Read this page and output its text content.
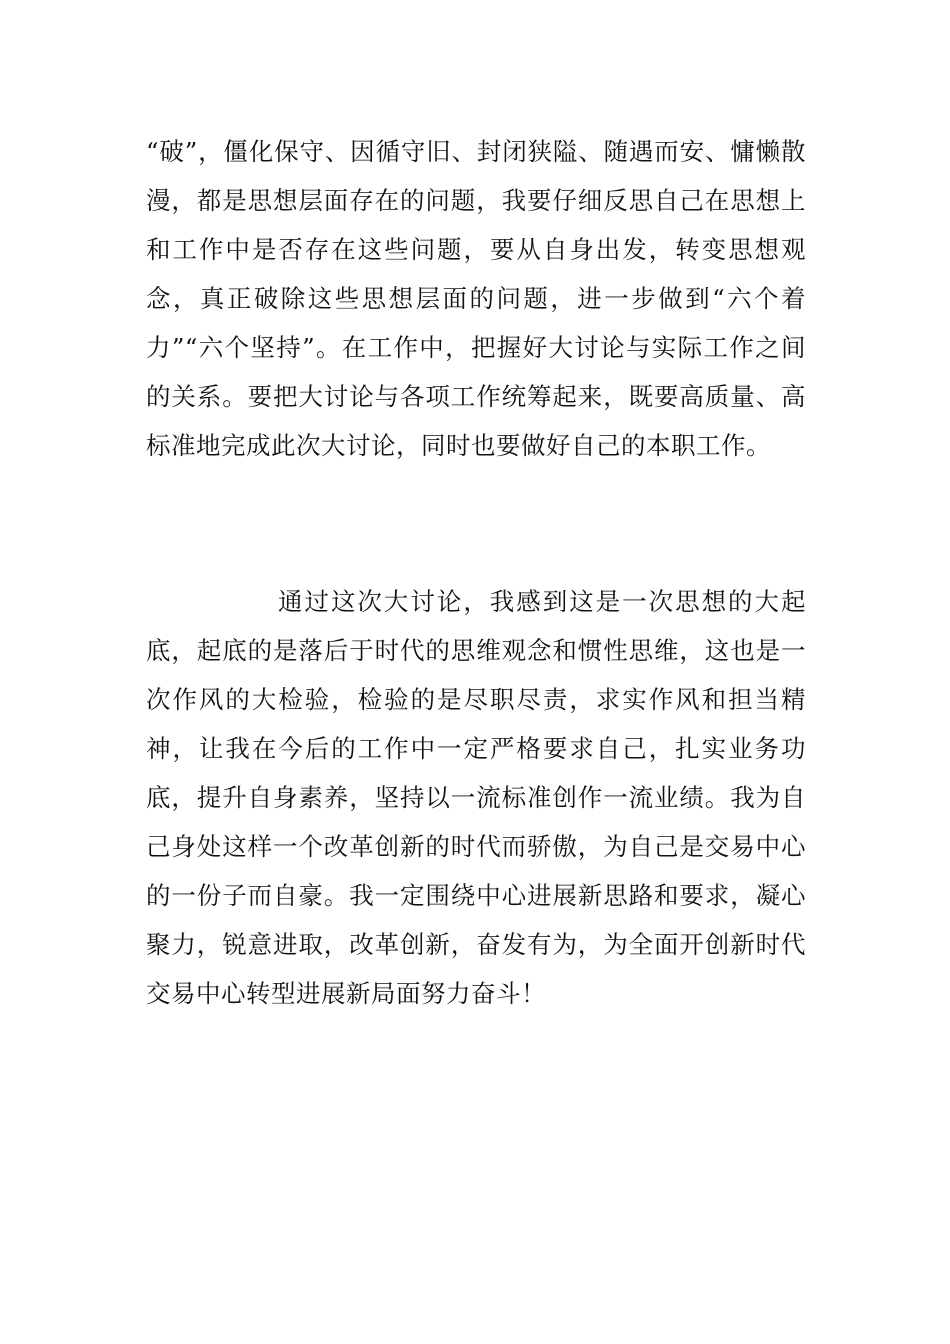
“破”，僵化保守、因循守旧、封闭狭隘、随遇而安、慵懒散漫，都是思想层面存在的问题，我要仔细反思自己在思想上和工作中是否存在这些问题，要从自身出发，转变思想观念，真正破除这些思想层面的问题，进一步做到“六个着力”“六个坚持”。在工作中，把握好大讨论与实际工作之间的关系。要把大讨论与各项工作统筹起来，既要高质量、高标准地完成此次大讨论，同时也要做好自己的本职工作。

通过这次大讨论，我感到这是一次思想的大起底，起底的是落后于时代的思维观念和惯性思维，这也是一次作风的大检验，检验的是尽职尽责，求实作风和担当精神，让我在今后的工作中一定严格要求自己，扎实业务功底，提升自身素养，坚持以一流标准创作一流业绩。我为自己身处这样一个改革创新的时代而骄傲，为自己是交易中心的一份子而自豪。我一定围绕中心进展新思路和要求，凝心聚力，锐意进取，改革创新，奋发有为，为全面开创新时代交易中心转型进展新局面努力奋斗！
